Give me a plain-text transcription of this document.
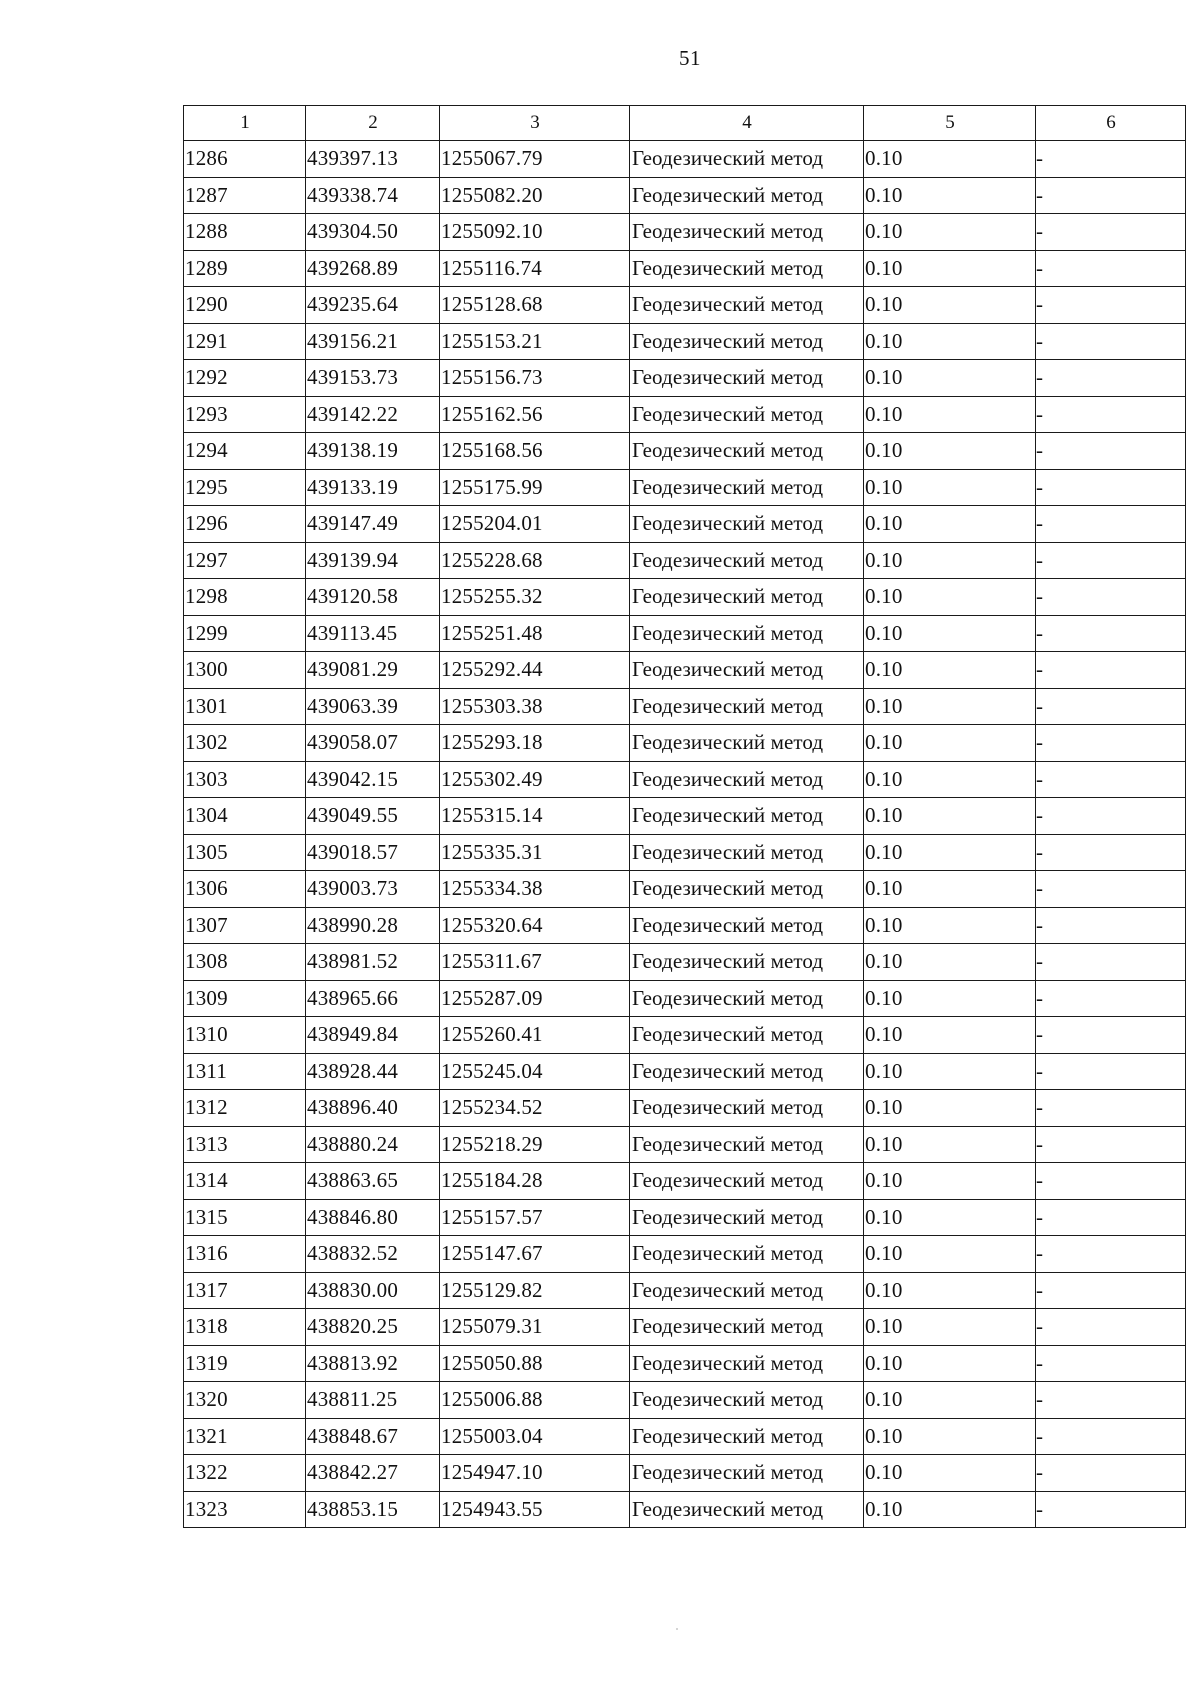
51
1	2	3	4	5	6
1286	439397.13	1255067.79	Геодезический метод	0.10	-
1287	439338.74	1255082.20	Геодезический метод	0.10	-
1288	439304.50	1255092.10	Геодезический метод	0.10	-
1289	439268.89	1255116.74	Геодезический метод	0.10	-
1290	439235.64	1255128.68	Геодезический метод	0.10	-
1291	439156.21	1255153.21	Геодезический метод	0.10	-
1292	439153.73	1255156.73	Геодезический метод	0.10	-
1293	439142.22	1255162.56	Геодезический метод	0.10	-
1294	439138.19	1255168.56	Геодезический метод	0.10	-
1295	439133.19	1255175.99	Геодезический метод	0.10	-
1296	439147.49	1255204.01	Геодезический метод	0.10	-
1297	439139.94	1255228.68	Геодезический метод	0.10	-
1298	439120.58	1255255.32	Геодезический метод	0.10	-
1299	439113.45	1255251.48	Геодезический метод	0.10	-
1300	439081.29	1255292.44	Геодезический метод	0.10	-
1301	439063.39	1255303.38	Геодезический метод	0.10	-
1302	439058.07	1255293.18	Геодезический метод	0.10	-
1303	439042.15	1255302.49	Геодезический метод	0.10	-
1304	439049.55	1255315.14	Геодезический метод	0.10	-
1305	439018.57	1255335.31	Геодезический метод	0.10	-
1306	439003.73	1255334.38	Геодезический метод	0.10	-
1307	438990.28	1255320.64	Геодезический метод	0.10	-
1308	438981.52	1255311.67	Геодезический метод	0.10	-
1309	438965.66	1255287.09	Геодезический метод	0.10	-
1310	438949.84	1255260.41	Геодезический метод	0.10	-
1311	438928.44	1255245.04	Геодезический метод	0.10	-
1312	438896.40	1255234.52	Геодезический метод	0.10	-
1313	438880.24	1255218.29	Геодезический метод	0.10	-
1314	438863.65	1255184.28	Геодезический метод	0.10	-
1315	438846.80	1255157.57	Геодезический метод	0.10	-
1316	438832.52	1255147.67	Геодезический метод	0.10	-
1317	438830.00	1255129.82	Геодезический метод	0.10	-
1318	438820.25	1255079.31	Геодезический метод	0.10	-
1319	438813.92	1255050.88	Геодезический метод	0.10	-
1320	438811.25	1255006.88	Геодезический метод	0.10	-
1321	438848.67	1255003.04	Геодезический метод	0.10	-
1322	438842.27	1254947.10	Геодезический метод	0.10	-
1323	438853.15	1254943.55	Геодезический метод	0.10	-
